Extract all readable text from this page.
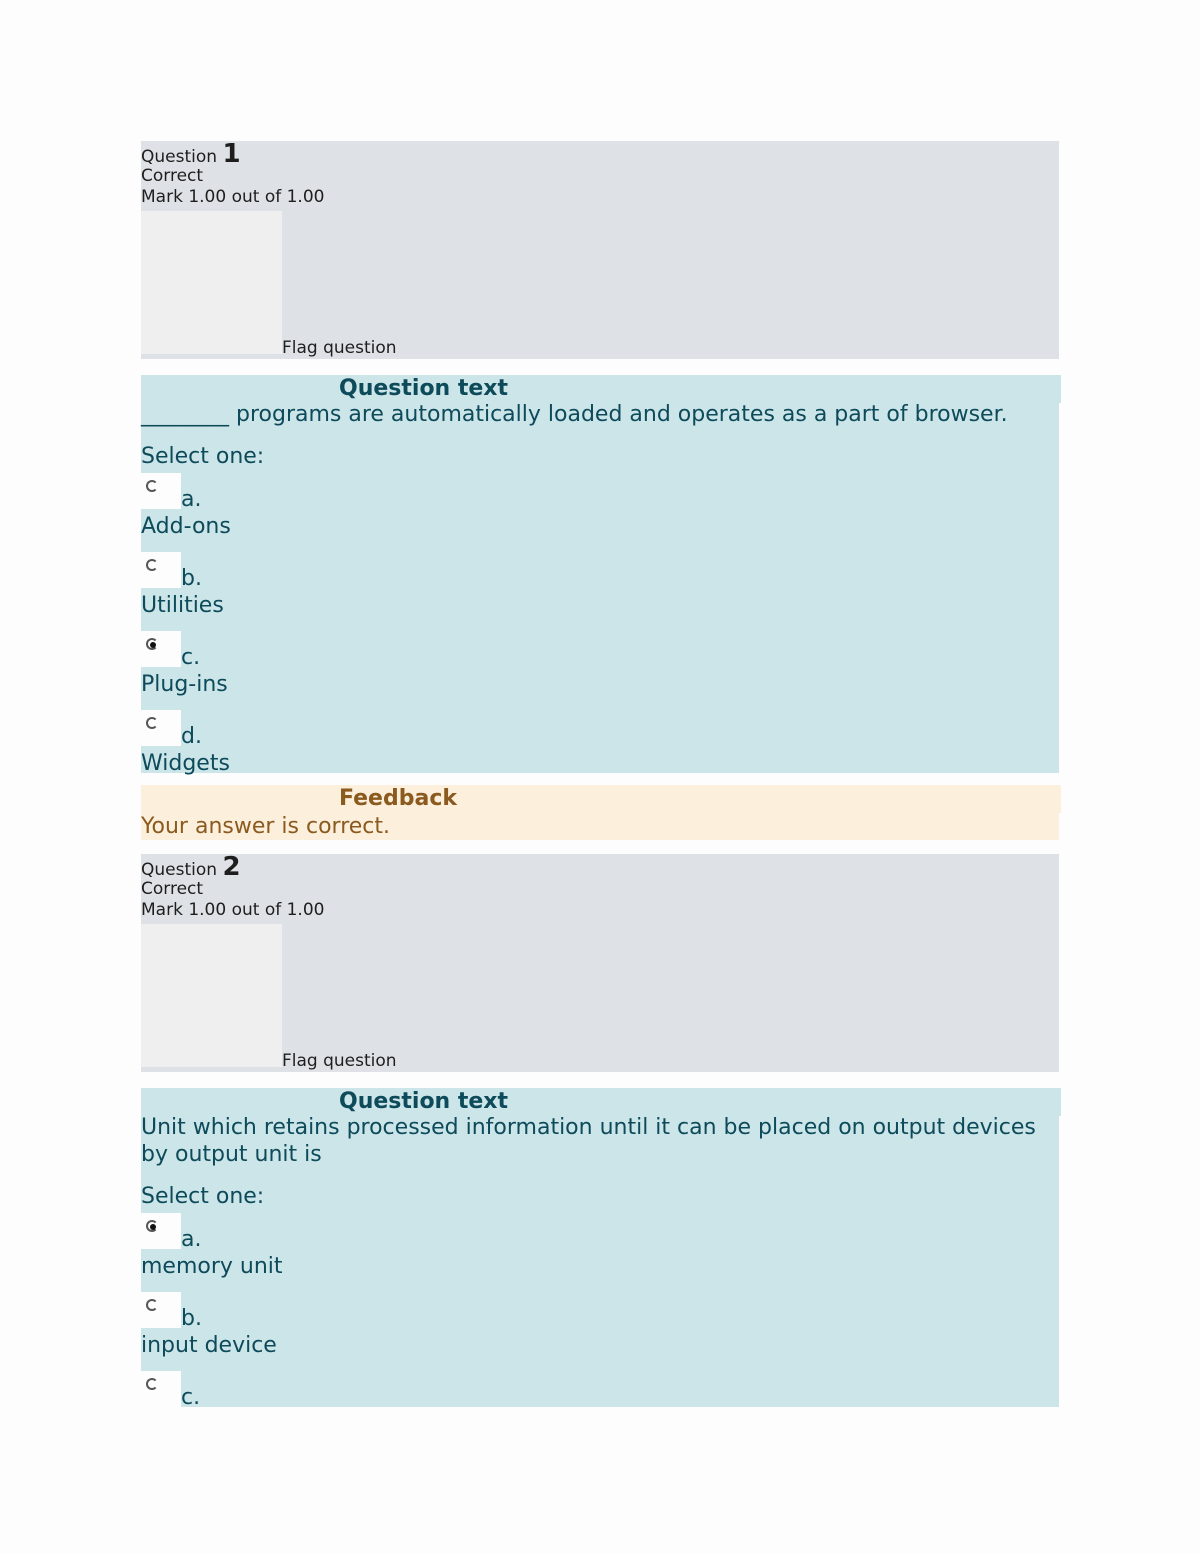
Question 1
Correct
Mark 1.00 out of 1.00
Flag question
Question text
________ programs are automatically loaded and operates as a part of browser.
Select one:
a.
Add-ons
b.
Utilities
c.
Plug-ins
d.
Widgets
Feedback
Your answer is correct.
Question 2
Correct
Mark 1.00 out of 1.00
Flag question
Question text
Unit which retains processed information until it can be placed on output devices by output unit is
Select one:
a.
memory unit
b.
input device
c.
